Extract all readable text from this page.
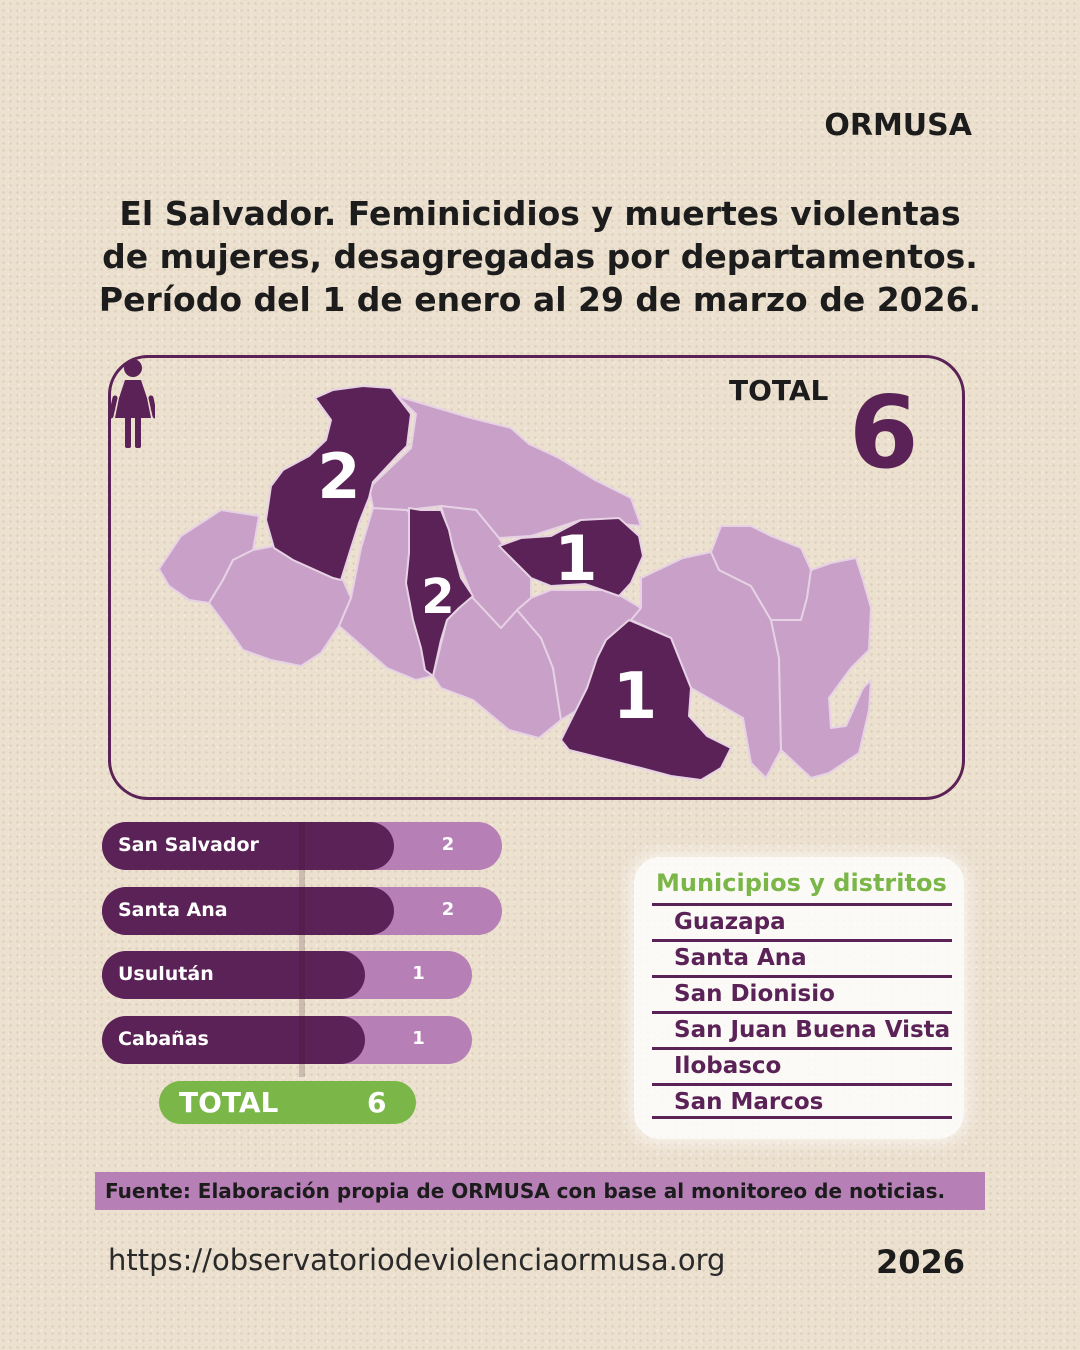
ORMUSA
El Salvador. Feminicidios y muertes violentas
de mujeres, desagregadas por departamentos.
Período del 1 de enero al 29 de marzo de 2026.
2
2
1
1
TOTAL 6
Cabañas	1
Usulután	1
Santa Ana	2
San Salvador	2
TOTAL	6
Municipios y distritos
Guazapa
Santa Ana
San Dionisio
San Juan Buena Vista
Ilobasco
San Marcos
Fuente: Elaboración propia de ORMUSA con base al monitoreo de noticias.
https://observatoriodeviolenciaormusa.org	2026
